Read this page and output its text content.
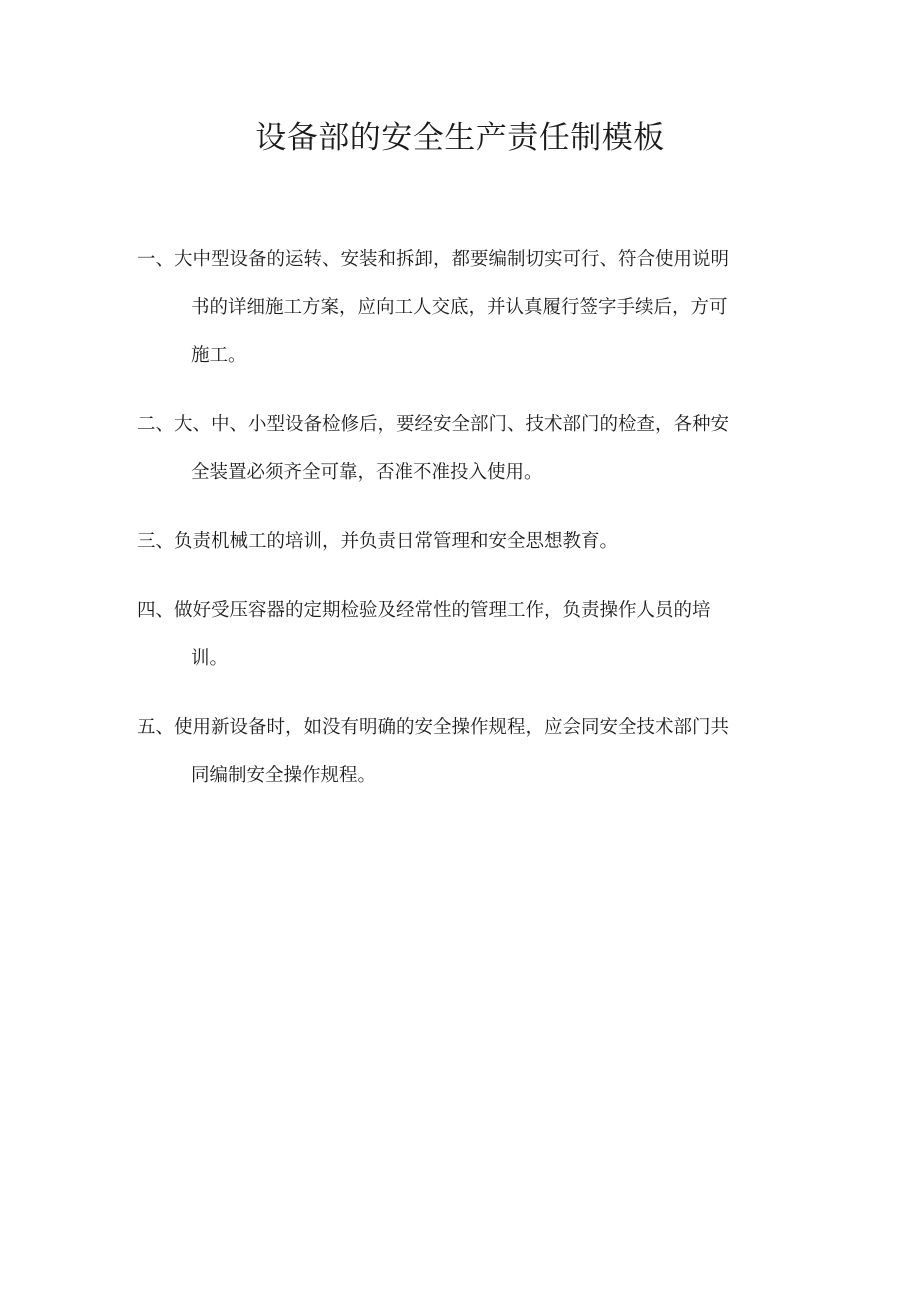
设备部的安全生产责任制模板
一、 大中型设备的运转、安装和拆卸，都要编制切实可行、符合使用说明
书的详细施工方案，应向工人交底，并认真履行签字手续后，方可
施工。
二、 大、中、小型设备检修后，要经安全部门、技术部门的检查，各种安
全装置必须齐全可靠，否准不准投入使用。
三、 负责机械工的培训，并负责日常管理和安全思想教育。
四、 做好受压容器的定期检验及经常性的管理工作，负责操作人员的培
训。
五、 使用新设备时，如没有明确的安全操作规程，应会同安全技术部门共
同编制安全操作规程。
